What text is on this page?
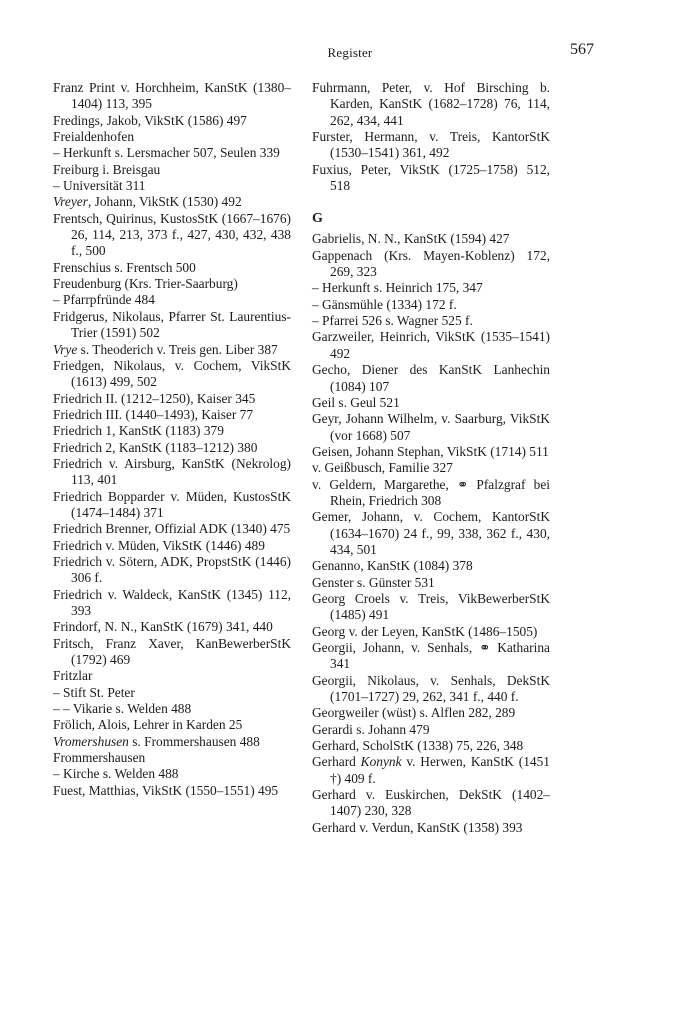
Register	567
Franz Print v. Horchheim, KanStK (1380–1404) 113, 395
Fredings, Jakob, VikStK (1586) 497
Freialdenhofen
– Herkunft s. Lersmacher 507, Seulen 339
Freiburg i. Breisgau
– Universität 311
Vreyer, Johann, VikStK (1530) 492
Frentsch, Quirinus, KustosStK (1667–1676) 26, 114, 213, 373 f., 427, 430, 432, 438 f., 500
Frenschius s. Frentsch 500
Freudenburg (Krs. Trier-Saarburg)
– Pfarrpfründe 484
Fridgerus, Nikolaus, Pfarrer St. Laurentius-Trier (1591) 502
Vrye s. Theoderich v. Treis gen. Liber 387
Friedgen, Nikolaus, v. Cochem, VikStK (1613) 499, 502
Friedrich II. (1212–1250), Kaiser 345
Friedrich III. (1440–1493), Kaiser 77
Friedrich 1, KanStK (1183) 379
Friedrich 2, KanStK (1183–1212) 380
Friedrich v. Airsburg, KanStK (Nekrolog) 113, 401
Friedrich Bopparder v. Müden, KustosStK (1474–1484) 371
Friedrich Brenner, Offizial ADK (1340) 475
Friedrich v. Müden, VikStK (1446) 489
Friedrich v. Sötern, ADK, PropstStK (1446) 306 f.
Friedrich v. Waldeck, KanStK (1345) 112, 393
Frindorf, N. N., KanStK (1679) 341, 440
Fritsch, Franz Xaver, KanBewerberStK (1792) 469
Fritzlar
– Stift St. Peter
– – Vikarie s. Welden 488
Frölich, Alois, Lehrer in Karden 25
Vromershusen s. Frommershausen 488
Frommershausen
– Kirche s. Welden 488
Fuest, Matthias, VikStK (1550–1551) 495
Fuhrmann, Peter, v. Hof Birsching b. Karden, KanStK (1682–1728) 76, 114, 262, 434, 441
Furster, Hermann, v. Treis, KantorStK (1530–1541) 361, 492
Fuxius, Peter, VikStK (1725–1758) 512, 518
G
Gabrielis, N. N., KanStK (1594) 427
Gappenach (Krs. Mayen-Koblenz) 172, 269, 323
– Herkunft s. Heinrich 175, 347
– Gänsmühle (1334) 172 f.
– Pfarrei 526 s. Wagner 525 f.
Garzweiler, Heinrich, VikStK (1535–1541) 492
Gecho, Diener des KanStK Lanhechin (1084) 107
Geil s. Geul 521
Geyr, Johann Wilhelm, v. Saarburg, VikStK (vor 1668) 507
Geisen, Johann Stephan, VikStK (1714) 511
v. Geißbusch, Familie 327
v. Geldern, Margarethe, ⚭ Pfalzgraf bei Rhein, Friedrich 308
Gemer, Johann, v. Cochem, KantorStK (1634–1670) 24 f., 99, 338, 362 f., 430, 434, 501
Genanno, KanStK (1084) 378
Genster s. Günster 531
Georg Croels v. Treis, VikBewerberStK (1485) 491
Georg v. der Leyen, KanStK (1486–1505)
Georgii, Johann, v. Senhals, ⚭ Katharina 341
Georgii, Nikolaus, v. Senhals, DekStK (1701–1727) 29, 262, 341 f., 440 f.
Georgweiler (wüst) s. Alflen 282, 289
Gerardi s. Johann 479
Gerhard, ScholStK (1338) 75, 226, 348
Gerhard Konynk v. Herwen, KanStK (1451 †) 409 f.
Gerhard v. Euskirchen, DekStK (1402–1407) 230, 328
Gerhard v. Verdun, KanStK (1358) 393
